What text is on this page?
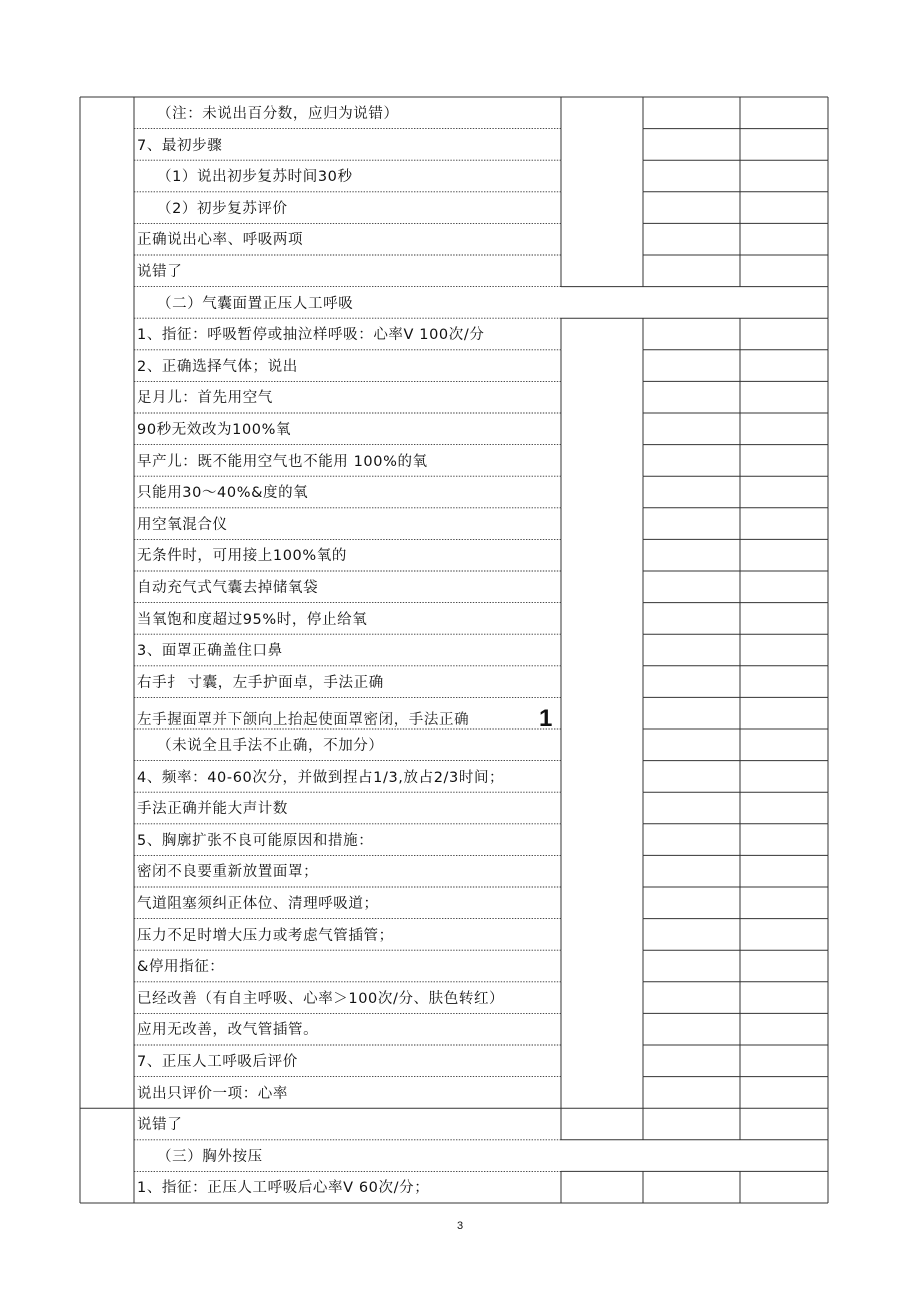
（注：未说出百分数，应归为说错）
7、最初步骤
（1）说出初步复苏时间30秒
（2）初步复苏评价
正确说出心率、呼吸两项
说错了
（二）气囊面置正压人工呼吸
1、指征：呼吸暂停或抽泣样呼吸：心率V 100次/分
2、正确选择气体；说出
足月儿：首先用空气
90秒无效改为100%氧
早产儿：既不能用空气也不能用 100%的氧
只能用30～40%&度的氧
用空氧混合仪
无条件时，可用接上100%氧的
自动充气式气囊去掉储氧袋
当氧饱和度超过95%时，停止给氧
3、面罩正确盖住口鼻
右手扌 寸囊，左手护面卓，手法正确
（未说全且手法不止确，不加分）
4、频率：40-60次分，并做到捏占1/3,放占2/3时间；
手法正确并能大声计数
5、胸廓扩张不良可能原因和措施：
密闭不良要重新放置面罩；
气道阻塞须纠正体位、清理呼吸道；
压力不足时增大压力或考虑气管插管；
&停用指征：
已经改善（有自主呼吸、心率＞100次/分、肤色转红）
应用无改善，改气管插管。
7、正压人工呼吸后评价
说出只评价一项：心率
说错了
（三）胸外按压
1、指征：正压人工呼吸后心率V 60次/分；
左手握面罩并下颌向上抬起使面罩密闭，手法正确	1
3
